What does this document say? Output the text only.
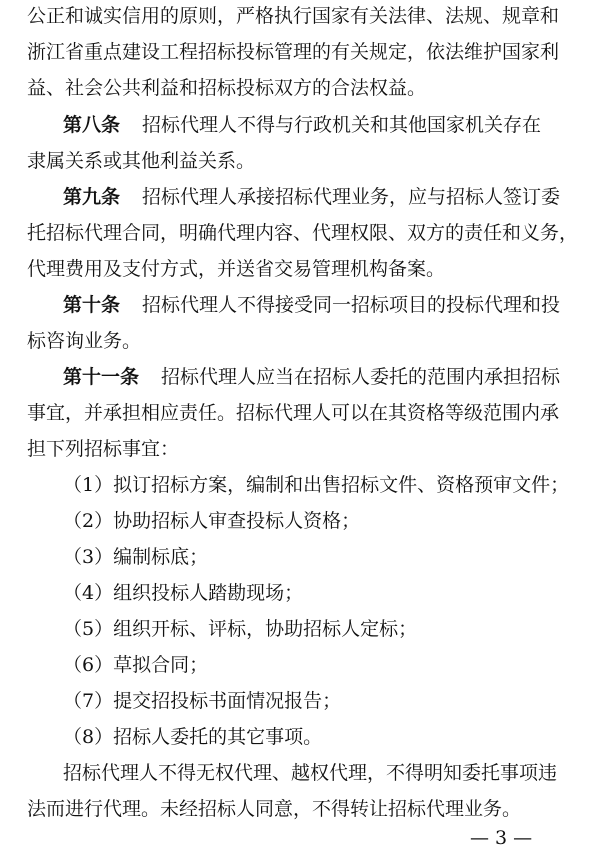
公正和诚实信用的原则，严格执行国家有关法律、法规、规章和
浙江省重点建设工程招标投标管理的有关规定，依法维护国家利
益、社会公共利益和招标投标双方的合法权益。
第八条 招标代理人不得与行政机关和其他国家机关存在
隶属关系或其他利益关系。
第九条 招标代理人承接招标代理业务，应与招标人签订委
托招标代理合同，明确代理内容、代理权限、双方的责任和义务，
代理费用及支付方式，并送省交易管理机构备案。
第十条 招标代理人不得接受同一招标项目的投标代理和投
标咨询业务。
第十一条 招标代理人应当在招标人委托的范围内承担招标
事宜，并承担相应责任。招标代理人可以在其资格等级范围内承
担下列招标事宜：
（1）拟订招标方案，编制和出售招标文件、资格预审文件；
（2）协助招标人审查投标人资格；
（3）编制标底；
（4）组织投标人踏勘现场；
（5）组织开标、评标，协助招标人定标；
（6）草拟合同；
（7）提交招投标书面情况报告；
（8）招标人委托的其它事项。
招标代理人不得无权代理、越权代理，不得明知委托事项违
法而进行代理。未经招标人同意，不得转让招标代理业务。
— 3 —
